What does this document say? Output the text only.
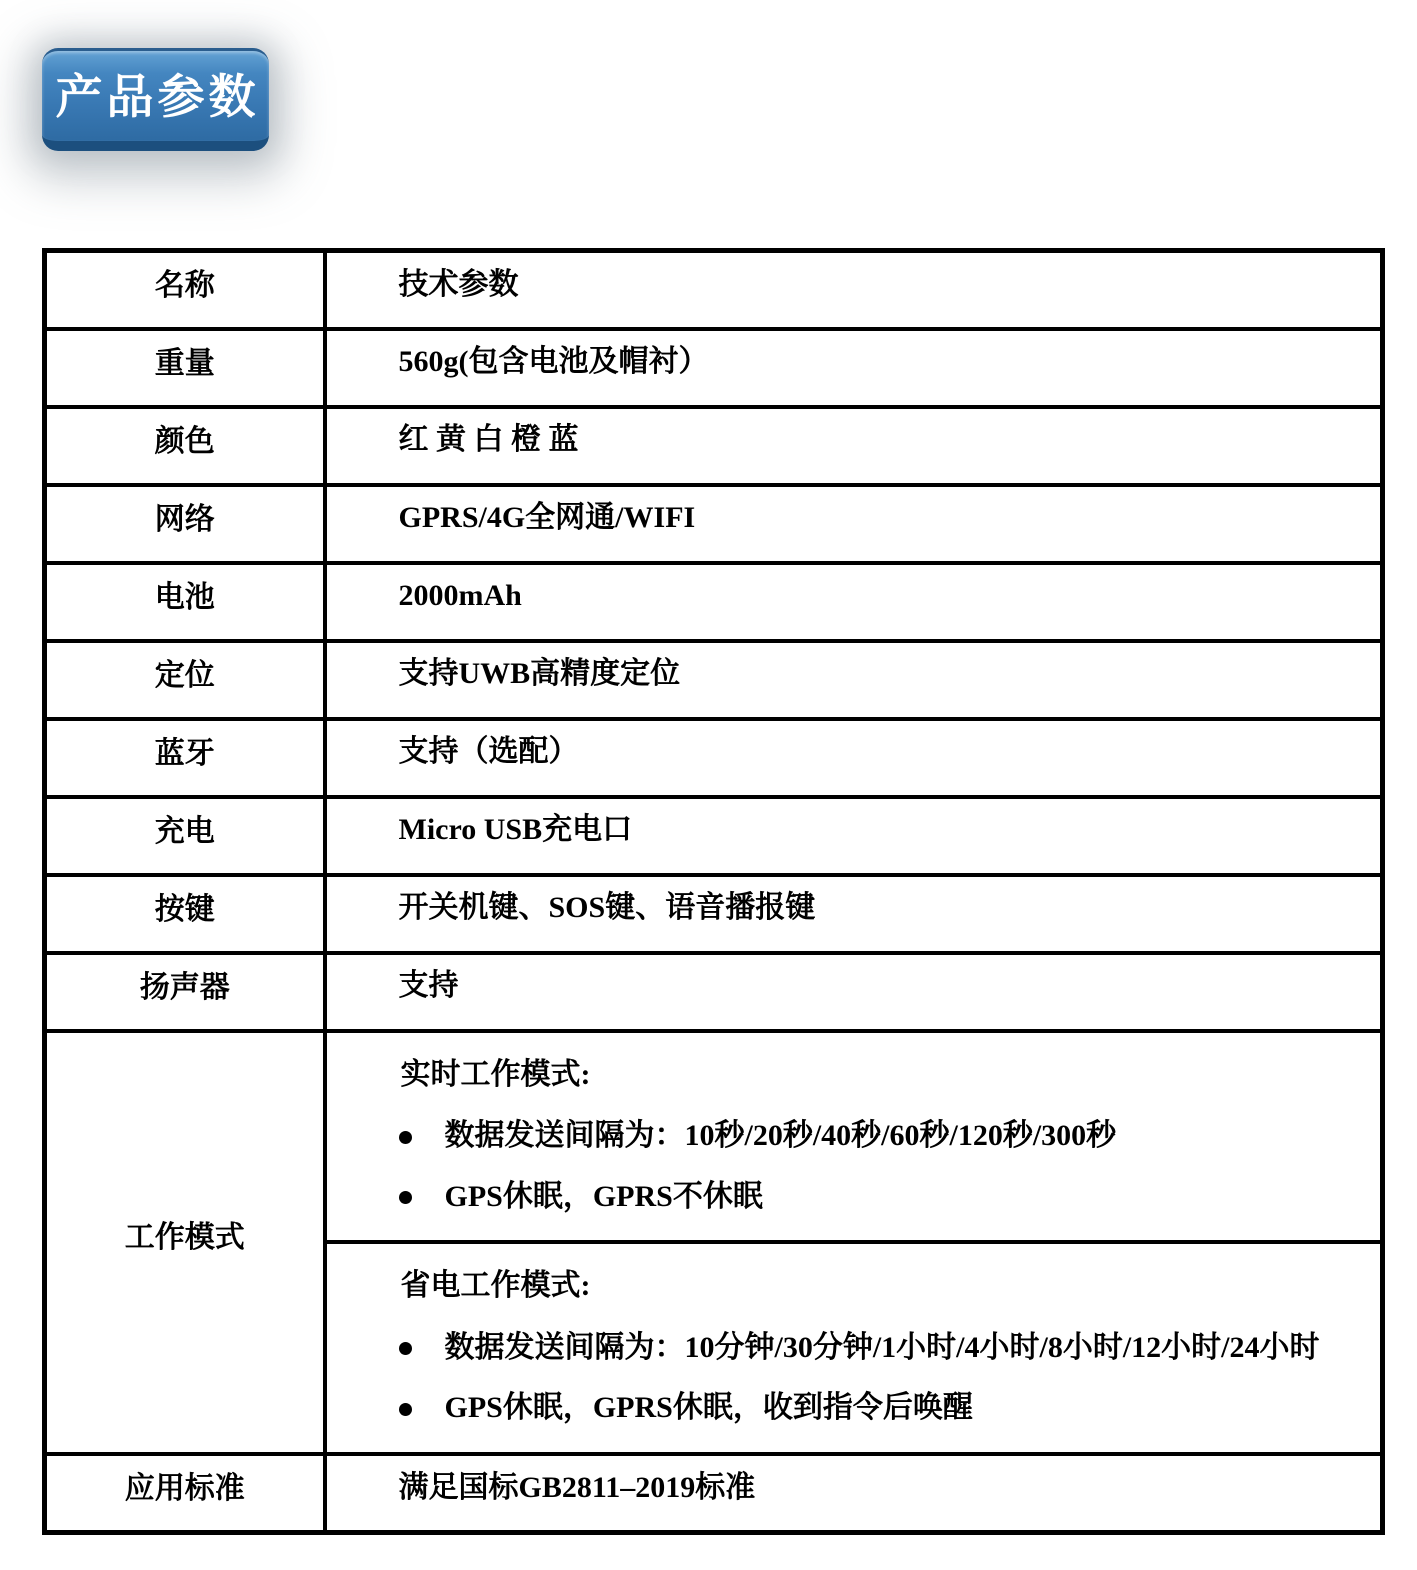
产品参数
名称	技术参数
重量	560g(包含电池及帽衬）
颜色	红 黄 白 橙 蓝
网络	GPRS/4G全网通/WIFI
电池	2000mAh
定位	支持UWB高精度定位
蓝牙	支持（选配）
充电	Micro USB充电口
按键	开关机键、SOS键、语音播报键
扬声器	支持
工作模式	实时工作模式:
数据发送间隔为：10秒/20秒/40秒/60秒/120秒/300秒
GPS休眠，GPRS不休眠

	省电工作模式:
数据发送间隔为：10分钟/30分钟/1小时/4小时/8小时/12小时/24小时
GPS休眠，GPRS休眠，收到指令后唤醒

应用标准	满足国标GB2811–2019标准
